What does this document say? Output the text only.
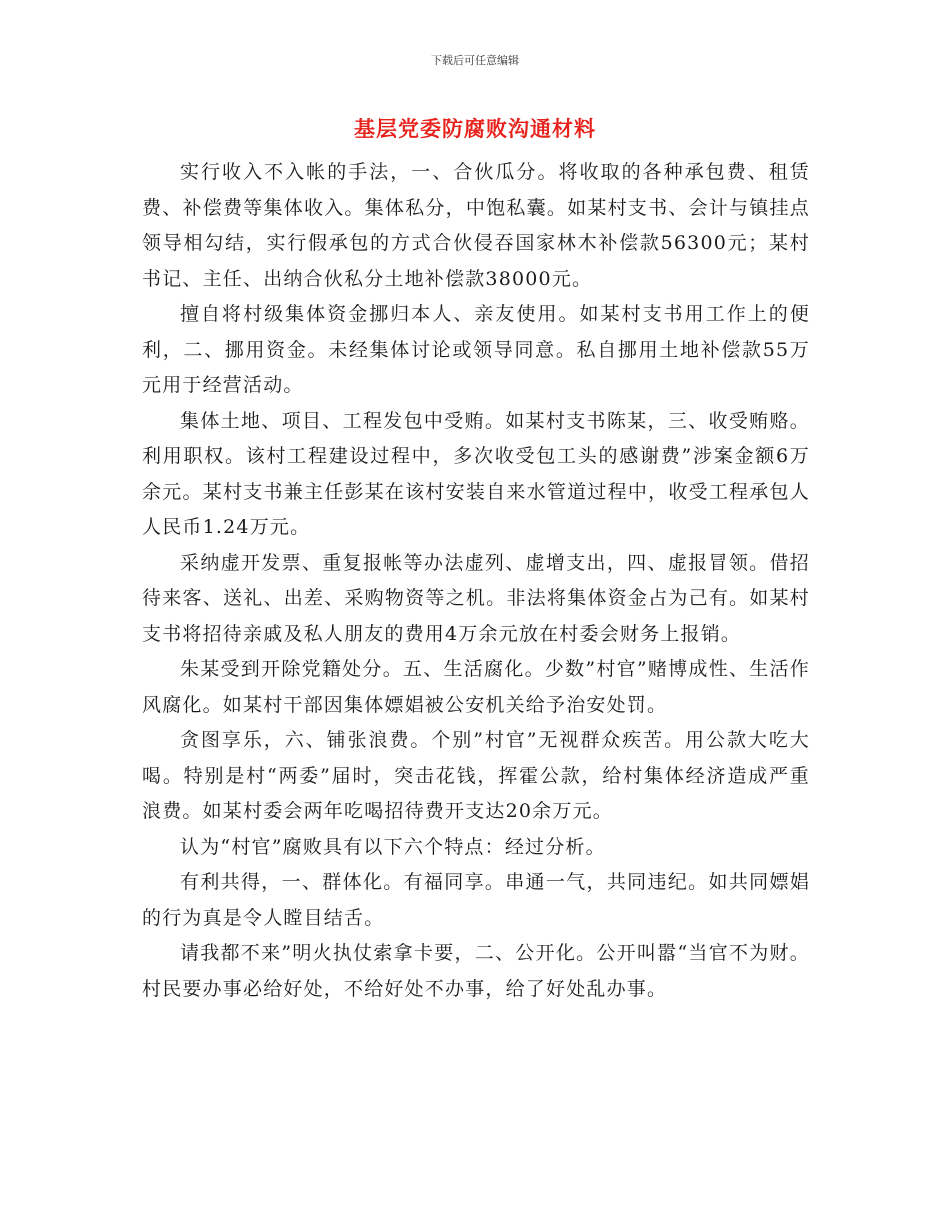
下载后可任意编辑
基层党委防腐败沟通材料

实行收入不入帐的手法，一、合伙瓜分。将收取的各种承包费、租赁费、补偿费等集体收入。集体私分，中饱私囊。如某村支书、会计与镇挂点领导相勾结，实行假承包的方式合伙侵吞国家林木补偿款56300元；某村书记、主任、出纳合伙私分土地补偿款38000元。

擅自将村级集体资金挪归本人、亲友使用。如某村支书用工作上的便利，二、挪用资金。未经集体讨论或领导同意。私自挪用土地补偿款55万元用于经营活动。

集体土地、项目、工程发包中受贿。如某村支书陈某，三、收受贿赂。利用职权。该村工程建设过程中，多次收受包工头的感谢费”涉案金额6万余元。某村支书兼主任彭某在该村安装自来水管道过程中，收受工程承包人人民币1.24万元。

采纳虚开发票、重复报帐等办法虚列、虚增支出，四、虚报冒领。借招待来客、送礼、出差、采购物资等之机。非法将集体资金占为己有。如某村支书将招待亲戚及私人朋友的费用4万余元放在村委会财务上报销。

朱某受到开除党籍处分。五、生活腐化。少数”村官”赌博成性、生活作风腐化。如某村干部因集体嫖娼被公安机关给予治安处罚。

贪图享乐，六、铺张浪费。个别”村官”无视群众疾苦。用公款大吃大喝。特别是村“两委”届时，突击花钱，挥霍公款，给村集体经济造成严重浪费。如某村委会两年吃喝招待费开支达20余万元。

认为“村官”腐败具有以下六个特点：经过分析。

有利共得，一、群体化。有福同享。串通一气，共同违纪。如共同嫖娼的行为真是令人瞠目结舌。

请我都不来”明火执仗索拿卡要，二、公开化。公开叫嚣“当官不为财。村民要办事必给好处，不给好处不办事，给了好处乱办事。
